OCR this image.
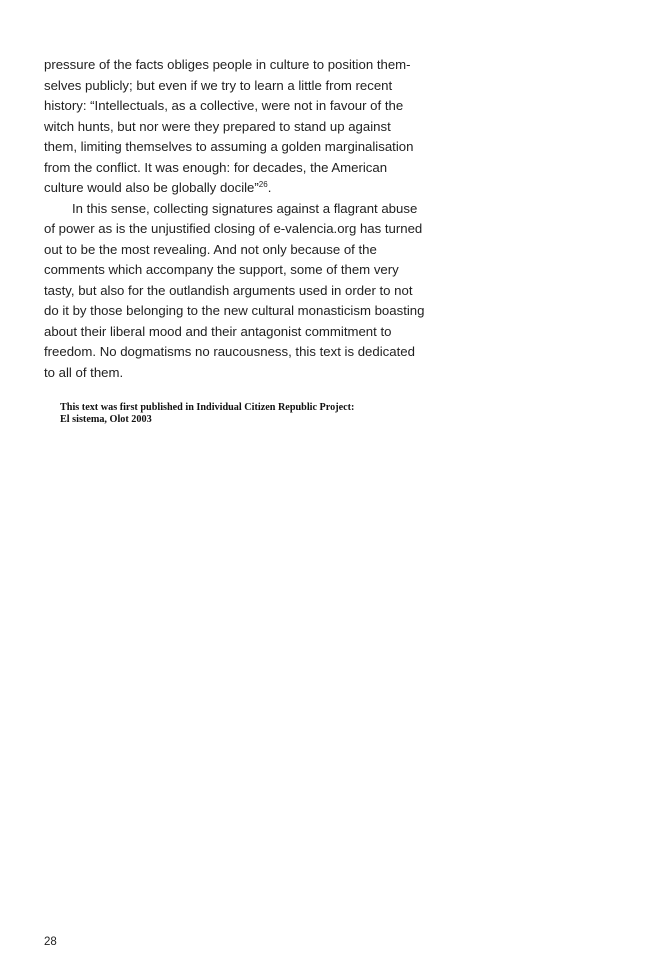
pressure of the facts obliges people in culture to position them-
selves publicly; but even if we try to learn a little from recent
history: “Intellectuals, as a collective, were not in favour of the
witch hunts, but nor were they prepared to stand up against
them, limiting themselves to assuming a golden marginalisation
from the conflict. It was enough: for decades, the American
culture would also be globally docile”$^{26}$.
In this sense, collecting signatures against a flagrant abuse
of power as is the unjustified closing of e-valencia.org has turned
out to be the most revealing. And not only because of the
comments which accompany the support, some of them very
tasty, but also for the outlandish arguments used in order to not
do it by those belonging to the new cultural monasticism boasting
about their liberal mood and their antagonist commitment to
freedom. No dogmatisms no raucousness, this text is dedicated
to all of them.
This text was first published in Individual Citizen Republic Project:
El sistema, Olot 2003
28
